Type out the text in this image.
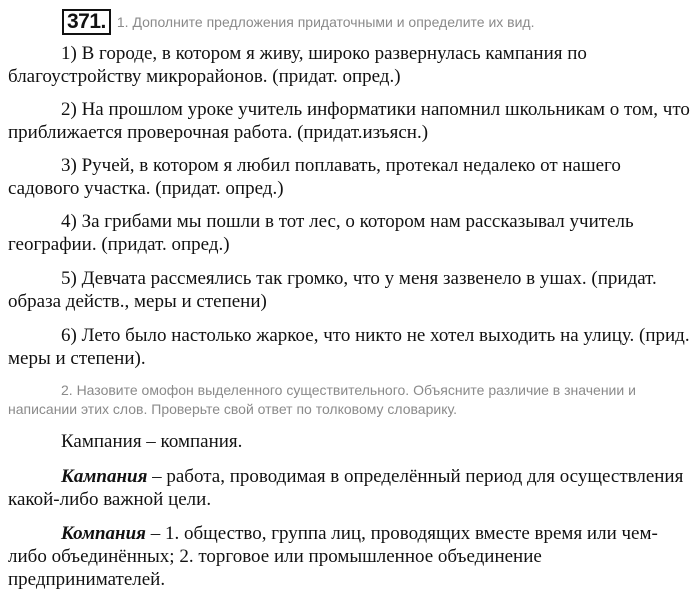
371. 1. Дополните предложения придаточными и определите их вид.
1) В городе, в котором я живу, широко развернулась кампания по благоустройству микрорайонов. (придат. опред.)
2) На прошлом уроке учитель информатики напомнил школьникам о том, что приближается проверочная работа. (придат.изъясн.)
3) Ручей, в котором я любил поплавать, протекал недалеко от нашего садового участка. (придат. опред.)
4) За грибами мы пошли в тот лес, о котором нам рассказывал учитель географии. (придат. опред.)
5) Девчата рассмеялись так громко, что у меня зазвенело в ушах. (придат. образа действ., меры и степени)
6) Лето было настолько жаркое, что никто не хотел выходить на улицу. (прид. меры и степени).
2. Назовите омофон выделенного существительного. Объясните различие в значении и написании этих слов. Проверьте свой ответ по толковому словарику.
Кампания – компания.
Кампания – работа, проводимая в определённый период для осуществления какой-либо важной цели.
Компания – 1. общество, группа лиц, проводящих вместе время или чем-либо объединённых; 2. торговое или промышленное объединение предпринимателей.
